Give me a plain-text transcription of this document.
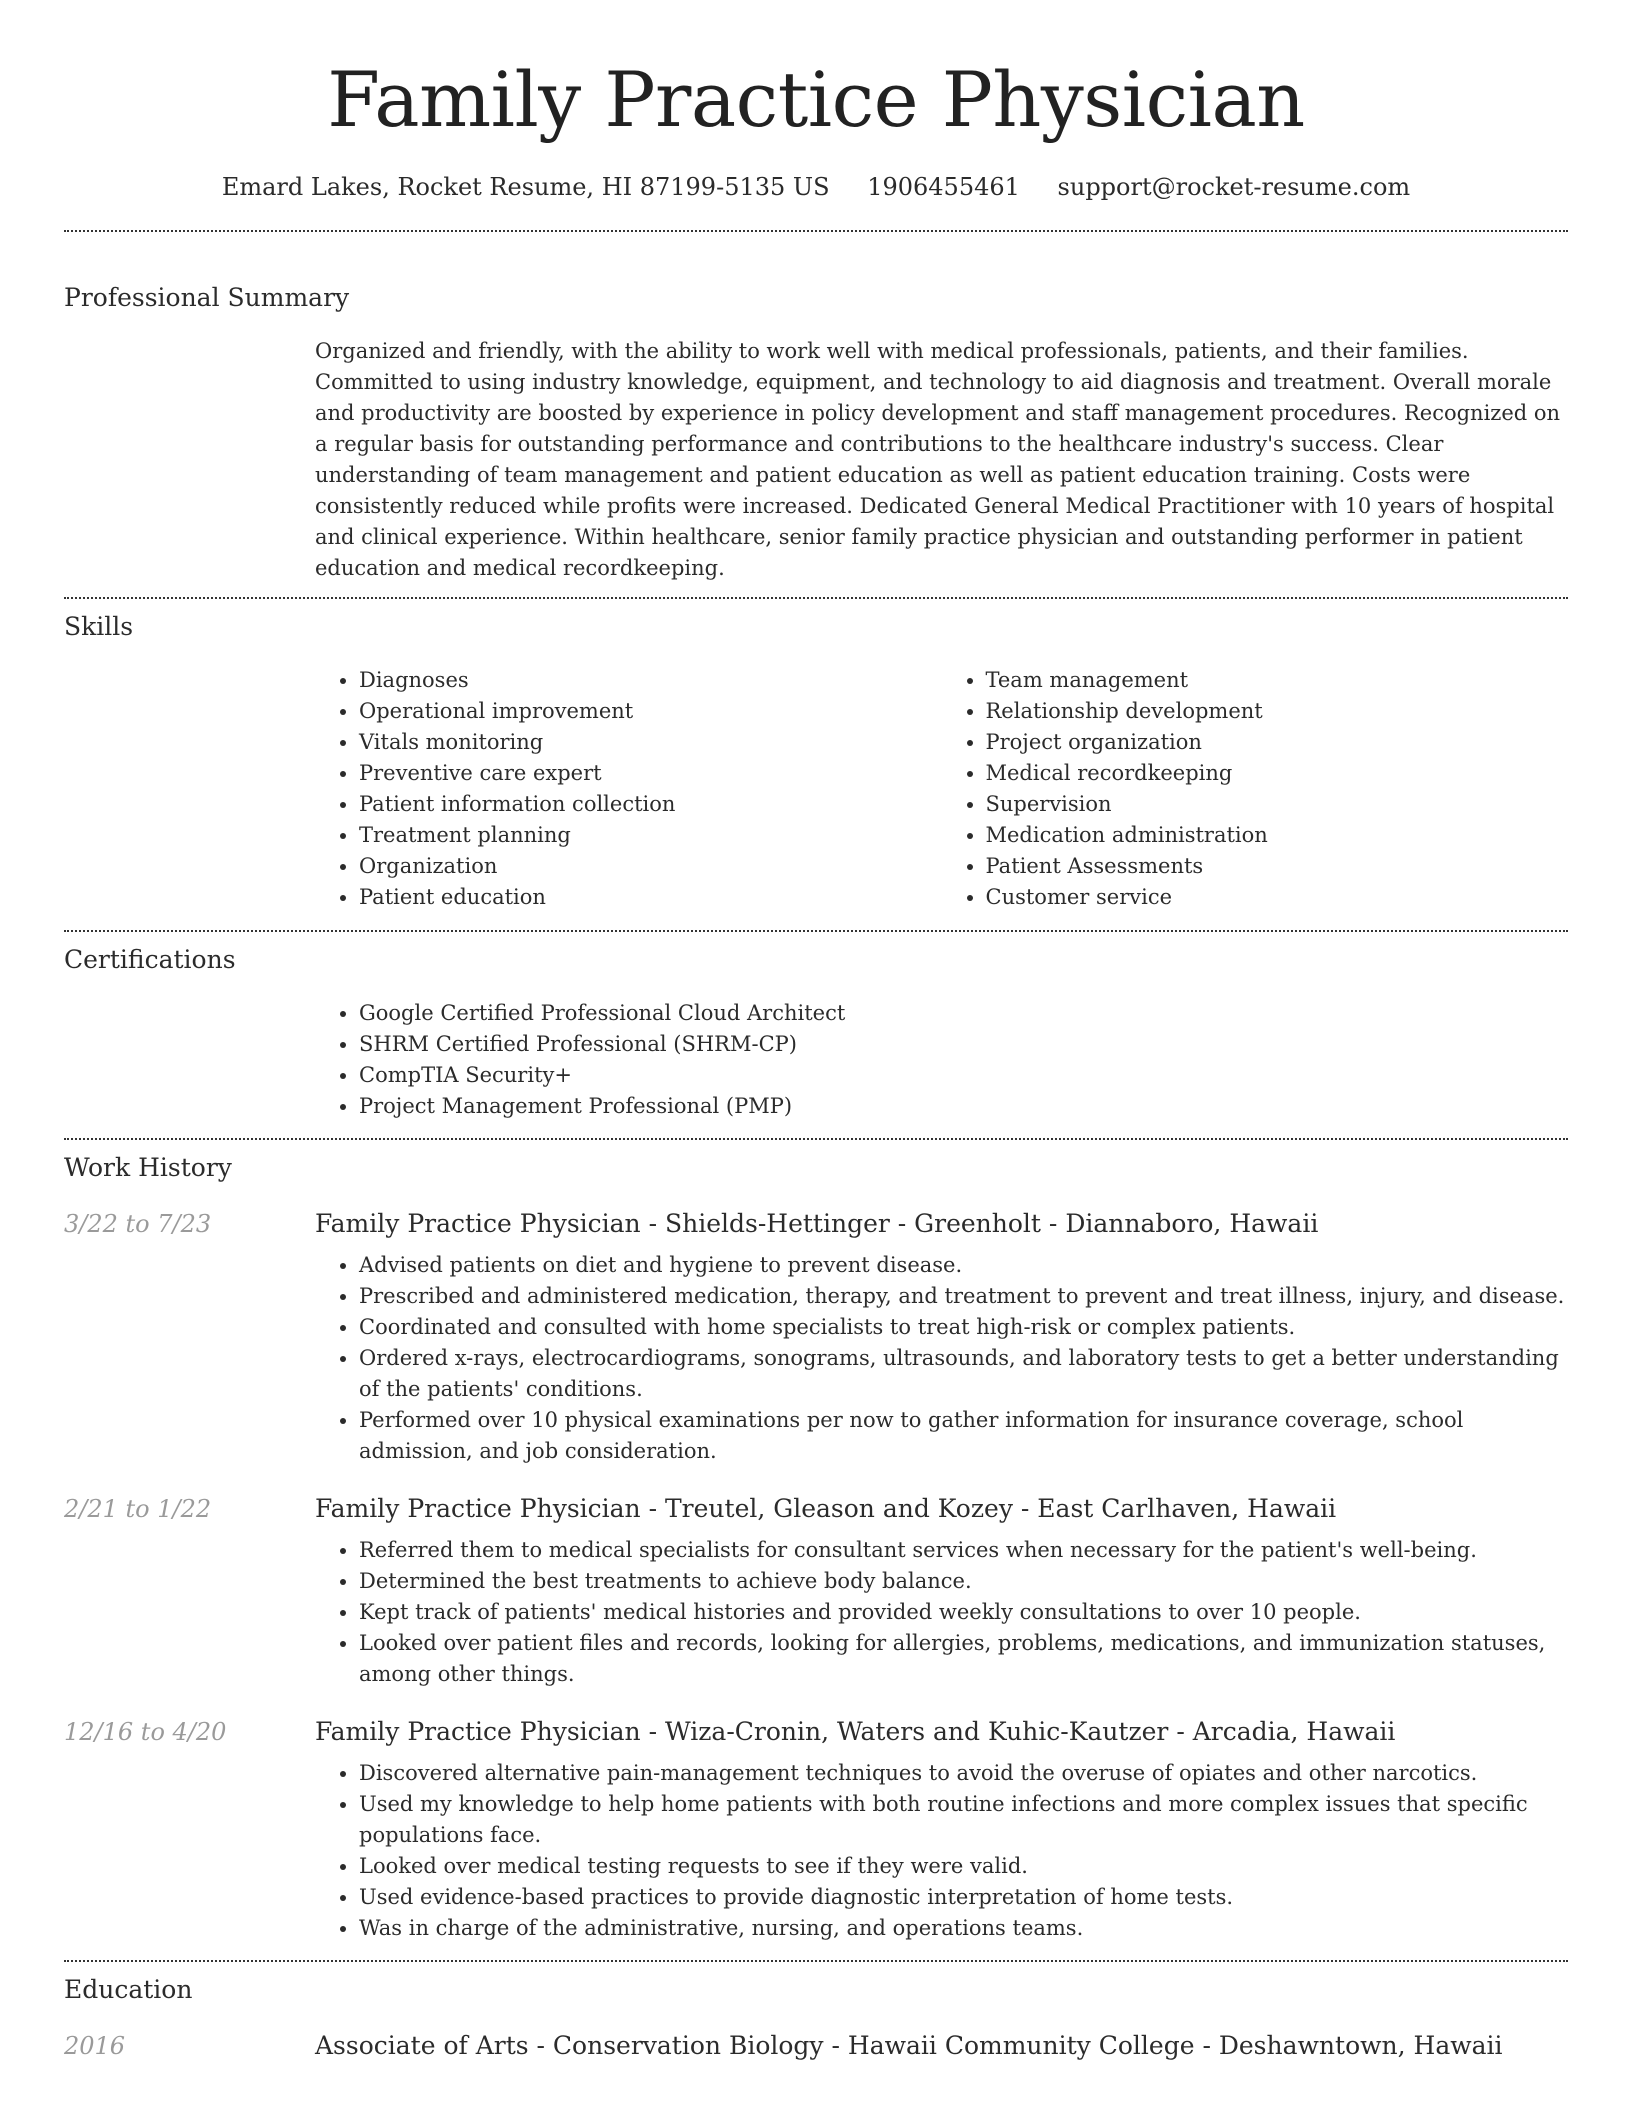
Family Practice Physician
Emard Lakes, Rocket Resume, HI 87199-5135 US 1906455461 support@rocket-resume.com
Professional Summary

Organized and friendly, with the ability to work well with medical professionals, patients, and their families. Committed to using industry knowledge, equipment, and technology to aid diagnosis and treatment. Overall morale and productivity are boosted by experience in policy development and staff management procedures. Recognized on a regular basis for outstanding performance and contributions to the healthcare industry's success. Clear understanding of team management and patient education as well as patient education training. Costs were consistently reduced while profits were increased. Dedicated General Medical Practitioner with 10 years of hospital and clinical experience. Within healthcare, senior family practice physician and outstanding performer in patient education and medical recordkeeping.

Skills
• Diagnoses
• Operational improvement
• Vitals monitoring
• Preventive care expert
• Patient information collection
• Treatment planning
• Organization
• Patient education
• Team management
• Relationship development
• Project organization
• Medical recordkeeping
• Supervision
• Medication administration
• Patient Assessments
• Customer service
Certifications
• Google Certified Professional Cloud Architect
• SHRM Certified Professional (SHRM-CP)
• CompTIA Security+
• Project Management Professional (PMP)
Work History
3/22 to 7/23	Family Practice Physician - Shields-Hettinger - Greenholt - Diannaboro, Hawaii
• Advised patients on diet and hygiene to prevent disease.
• Prescribed and administered medication, therapy, and treatment to prevent and treat illness, injury, and disease.
• Coordinated and consulted with home specialists to treat high-risk or complex patients.
• Ordered x-rays, electrocardiograms, sonograms, ultrasounds, and laboratory tests to get a better understanding of the patients' conditions.
• Performed over 10 physical examinations per now to gather information for insurance coverage, school admission, and job consideration.
2/21 to 1/22	Family Practice Physician - Treutel, Gleason and Kozey - East Carlhaven, Hawaii
• Referred them to medical specialists for consultant services when necessary for the patient's well-being.
• Determined the best treatments to achieve body balance.
• Kept track of patients' medical histories and provided weekly consultations to over 10 people.
• Looked over patient files and records, looking for allergies, problems, medications, and immunization statuses, among other things.
12/16 to 4/20	Family Practice Physician - Wiza-Cronin, Waters and Kuhic-Kautzer - Arcadia, Hawaii
• Discovered alternative pain-management techniques to avoid the overuse of opiates and other narcotics.
• Used my knowledge to help home patients with both routine infections and more complex issues that specific populations face.
• Looked over medical testing requests to see if they were valid.
• Used evidence-based practices to provide diagnostic interpretation of home tests.
• Was in charge of the administrative, nursing, and operations teams.
Education
2016	Associate of Arts - Conservation Biology - Hawaii Community College - Deshawntown, Hawaii
